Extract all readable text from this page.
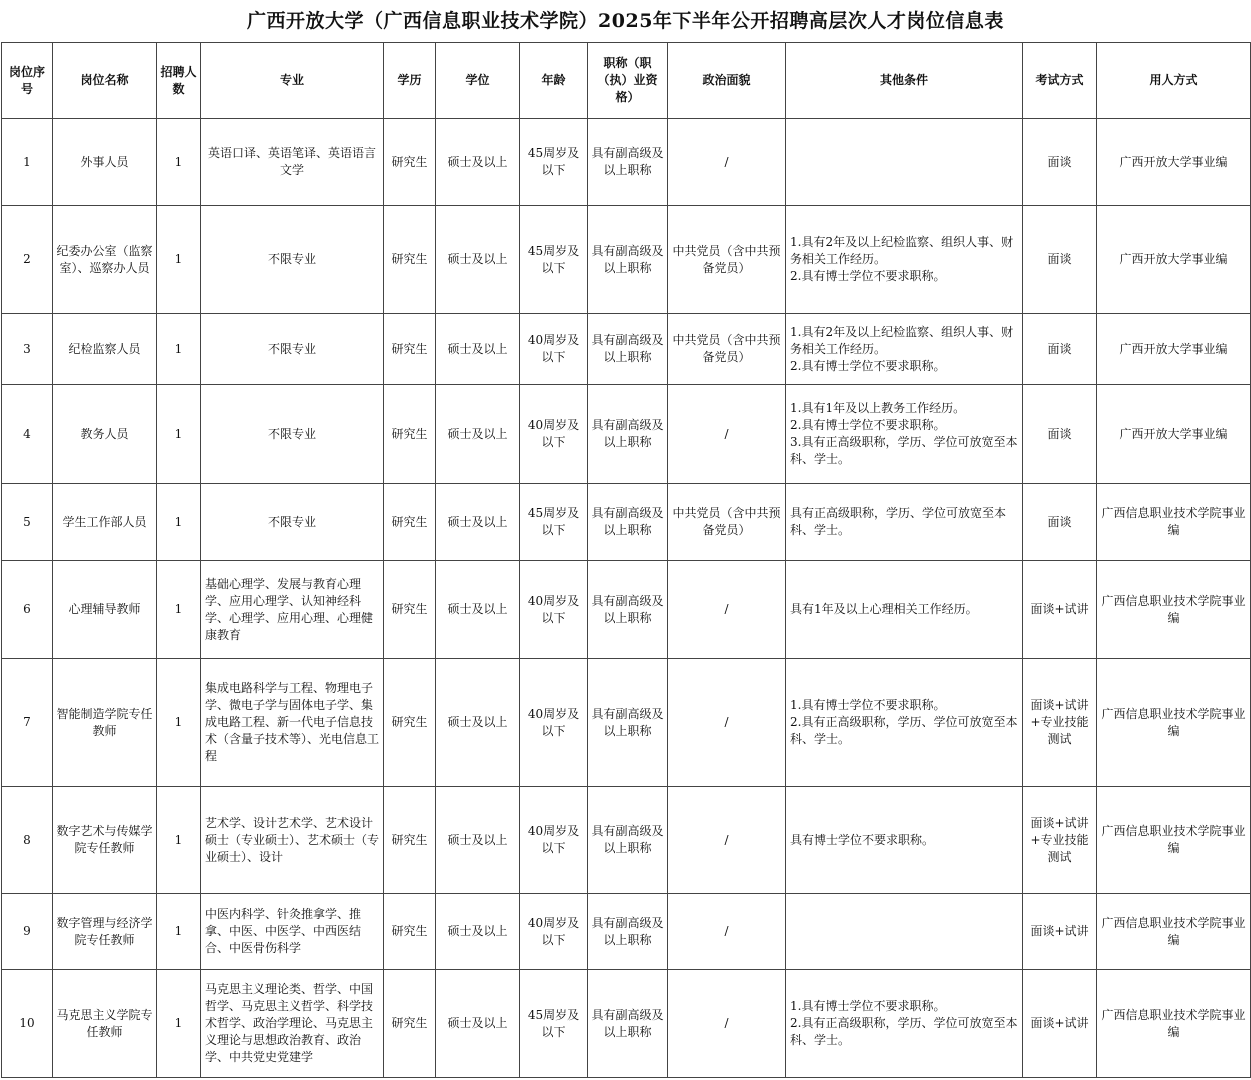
广西开放大学（广西信息职业技术学院）2025年下半年公开招聘高层次人才岗位信息表
岗位序号	岗位名称	招聘人数	专业	学历	学位	年龄	职称（职（执）业资格）	政治面貌	其他条件	考试方式	用人方式
1	外事人员	1	英语口译、英语笔译、英语语言文学	研究生	硕士及以上	45周岁及以下	具有副高级及以上职称	/		面谈	广西开放大学事业编
2	纪委办公室（监察室）、巡察办人员	1	不限专业	研究生	硕士及以上	45周岁及以下	具有副高级及以上职称	中共党员（含中共预备党员）	1.具有2年及以上纪检监察、组织人事、财务相关工作经历。
2.具有博士学位不要求职称。	面谈	广西开放大学事业编
3	纪检监察人员	1	不限专业	研究生	硕士及以上	40周岁及以下	具有副高级及以上职称	中共党员（含中共预备党员）	1.具有2年及以上纪检监察、组织人事、财务相关工作经历。
2.具有博士学位不要求职称。	面谈	广西开放大学事业编
4	教务人员	1	不限专业	研究生	硕士及以上	40周岁及以下	具有副高级及以上职称	/	1.具有1年及以上教务工作经历。
2.具有博士学位不要求职称。
3.具有正高级职称，学历、学位可放宽至本科、学士。	面谈	广西开放大学事业编
5	学生工作部人员	1	不限专业	研究生	硕士及以上	45周岁及以下	具有副高级及以上职称	中共党员（含中共预备党员）	具有正高级职称，学历、学位可放宽至本科、学士。	面谈	广西信息职业技术学院事业编
6	心理辅导教师	1	基础心理学、发展与教育心理学、应用心理学、认知神经科学、心理学、应用心理、心理健康教育	研究生	硕士及以上	40周岁及以下	具有副高级及以上职称	/	具有1年及以上心理相关工作经历。	面谈+试讲	广西信息职业技术学院事业编
7	智能制造学院专任教师	1	集成电路科学与工程、物理电子学、微电子学与固体电子学、集成电路工程、新一代电子信息技术（含量子技术等）、光电信息工程	研究生	硕士及以上	40周岁及以下	具有副高级及以上职称	/	1.具有博士学位不要求职称。
2.具有正高级职称，学历、学位可放宽至本科、学士。	面谈+试讲+专业技能测试	广西信息职业技术学院事业编
8	数字艺术与传媒学院专任教师	1	艺术学、设计艺术学、艺术设计硕士（专业硕士）、艺术硕士（专业硕士）、设计	研究生	硕士及以上	40周岁及以下	具有副高级及以上职称	/	具有博士学位不要求职称。	面谈+试讲+专业技能测试	广西信息职业技术学院事业编
9	数字管理与经济学院专任教师	1	中医内科学、针灸推拿学、推拿、中医、中医学、中西医结合、中医骨伤科学	研究生	硕士及以上	40周岁及以下	具有副高级及以上职称	/		面谈+试讲	广西信息职业技术学院事业编
10	马克思主义学院专任教师	1	马克思主义理论类、哲学、中国哲学、马克思主义哲学、科学技术哲学、政治学理论、马克思主义理论与思想政治教育、政治学、中共党史党建学	研究生	硕士及以上	45周岁及以下	具有副高级及以上职称	/	1.具有博士学位不要求职称。
2.具有正高级职称，学历、学位可放宽至本科、学士。	面谈+试讲	广西信息职业技术学院事业编
